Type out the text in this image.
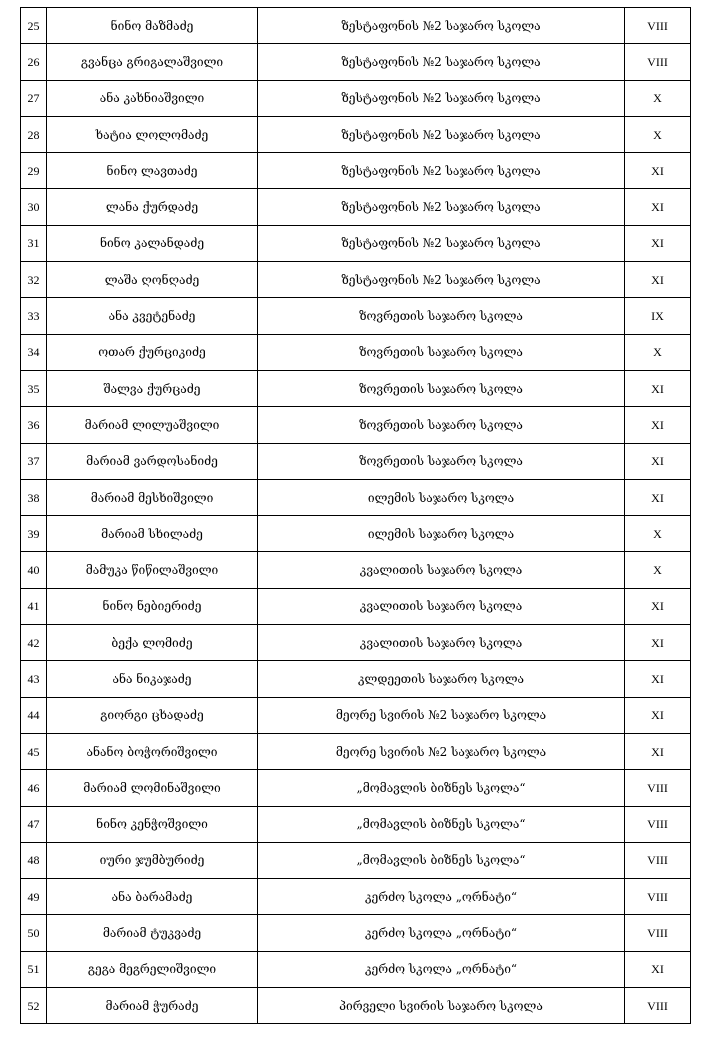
25	ნინო მაზმაძე	ზესტაფონის №2 საჯარო სკოლა	VIII
26	გვანცა გრიგალაშვილი	ზესტაფონის №2 საჯარო სკოლა	VIII
27	ანა კახნიაშვილი	ზესტაფონის №2 საჯარო სკოლა	X
28	ხატია ლოლომაძე	ზესტაფონის №2 საჯარო სკოლა	X
29	ნინო ლავთაძე	ზესტაფონის №2 საჯარო სკოლა	XI
30	ლანა ქურდაძე	ზესტაფონის №2 საჯარო სკოლა	XI
31	ნინო კალანდაძე	ზესტაფონის №2 საჯარო სკოლა	XI
32	ლაშა ღონღაძე	ზესტაფონის №2 საჯარო სკოლა	XI
33	ანა კვეტენაძე	ზოვრეთის საჯარო სკოლა	IX
34	ოთარ ქურციკიძე	ზოვრეთის საჯარო სკოლა	X
35	შალვა ქურცაძე	ზოვრეთის საჯარო სკოლა	XI
36	მარიამ ლილუაშვილი	ზოვრეთის საჯარო სკოლა	XI
37	მარიამ ვარდოსანიძე	ზოვრეთის საჯარო სკოლა	XI
38	მარიამ მესხიშვილი	ილემის საჯარო სკოლა	XI
39	მარიამ სხილაძე	ილემის საჯარო სკოლა	X
40	მამუკა წიწილაშვილი	კვალითის საჯარო სკოლა	X
41	ნინო ნებიერიძე	კვალითის საჯარო სკოლა	XI
42	ბექა ლომიძე	კვალითის საჯარო სკოლა	XI
43	ანა ნიკაჯაძე	კლდეეთის საჯარო სკოლა	XI
44	გიორგი ცხადაძე	მეორე სვირის №2 საჯარო სკოლა	XI
45	ანანო ბოჭორიშვილი	მეორე სვირის №2 საჯარო სკოლა	XI
46	მარიამ ლომინაშვილი	„მომავლის ბიზნეს სკოლა“	VIII
47	ნინო კენჭოშვილი	„მომავლის ბიზნეს სკოლა“	VIII
48	იური ჯუმბურიძე	„მომავლის ბიზნეს სკოლა“	VIII
49	ანა ბარამაძე	კერძო სკოლა „ორნატი“	VIII
50	მარიამ ტუკვაძე	კერძო სკოლა „ორნატი“	VIII
51	გეგა მეგრელიშვილი	კერძო სკოლა „ორნატი“	XI
52	მარიამ ჭურაძე	პირველი სვირის საჯარო სკოლა	VIII
